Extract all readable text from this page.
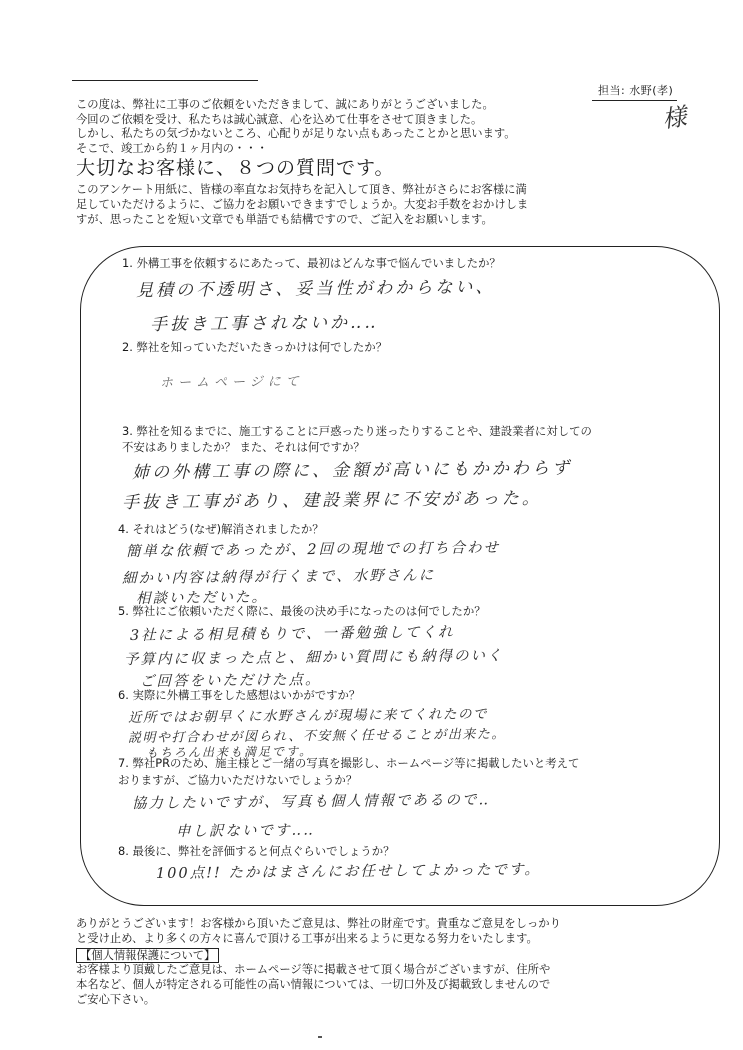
担当: 水野(孝)
様
この度は、弊社に工事のご依頼をいただきまして、誠にありがとうございました。
今回のご依頼を受け、私たちは誠心誠意、心を込めて仕事をさせて頂きました。
しかし、私たちの気づかないところ、心配りが足りない点もあったことかと思います。
そこで、竣工から約１ヶ月内の・・・
大切なお客様に、８つの質問です。
このアンケート用紙に、皆様の率直なお気持ちを記入して頂き、弊社がさらにお客様に満
足していただけるように、ご協力をお願いできますでしょうか。大変お手数をおかけしま
すが、思ったことを短い文章でも単語でも結構ですので、ご記入をお願いします。
1. 外構工事を依頼するにあたって、最初はどんな事で悩んでいましたか？
見積の不透明さ、妥当性がわからない、
手抜き工事されないか‥‥
2. 弊社を知っていただいたきっかけは何でしたか？
ホームページにて
3. 弊社を知るまでに、施工することに戸惑ったり迷ったりすることや、建設業者に対しての
不安はありましたか？ また、それは何ですか？
姉の外構工事の際に、金額が高いにもかかわらず
手抜き工事があり、建設業界に不安があった。
4. それはどう(なぜ)解消されましたか？
簡単な依頼であったが、2回の現地での打ち合わせ
細かい内容は納得が行くまで、水野さんに
相談いただいた。
5. 弊社にご依頼いただく際に、最後の決め手になったのは何でしたか？
3社による相見積もりで、一番勉強してくれ
予算内に収まった点と、細かい質問にも納得のいく
ご回答をいただけた点。
6. 実際に外構工事をした感想はいかがですか？
近所ではお朝早くに水野さんが現場に来てくれたので
説明や打合わせが図られ、不安無く任せることが出来た。
もちろん出来も満足です。
7. 弊社PRのため、施主様とご一緒の写真を撮影し、ホームページ等に掲載したいと考えて
おりますが、ご協力いただけないでしょうか？
協力したいですが、写真も個人情報であるので‥
申し訳ないです‥‥
8. 最後に、弊社を評価すると何点ぐらいでしょうか？
100点!! たかはまさんにお任せしてよかったです。
ありがとうございます！お客様から頂いたご意見は、弊社の財産です。貴重なご意見をしっかり
と受け止め、より多くの方々に喜んで頂ける工事が出来るように更なる努力をいたします。
【個人情報保護について】
お客様より頂戴したご意見は、ホームページ等に掲載させて頂く場合がございますが、住所や
本名など、個人が特定される可能性の高い情報については、一切口外及び掲載致しませんので
ご安心下さい。
